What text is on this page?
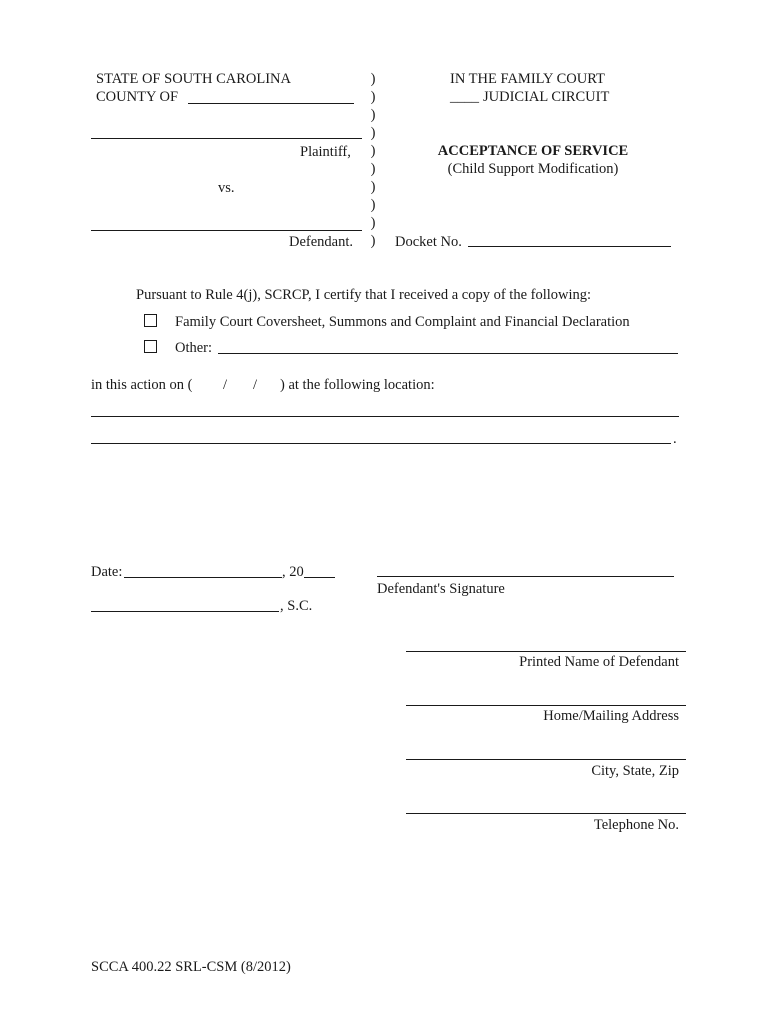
STATE OF SOUTH CAROLINA
COUNTY OF
Plaintiff,
vs.
Defendant.
)
)
)
)
)
)
)
)
)
)
IN THE FAMILY COURT
____ JUDICIAL CIRCUIT
ACCEPTANCE OF SERVICE
(Child Support Modification)
Docket No.
Pursuant to Rule 4(j), SCRCP, I certify that I received a copy of the following:
Family Court Coversheet, Summons and Complaint and Financial Declaration
Other:
in this action on ( / / ) at the following location:
.
Date:	, 20
, S.C.
Defendant's Signature
Printed Name of Defendant
Home/Mailing Address
City, State, Zip
Telephone No.
SCCA 400.22 SRL-CSM (8/2012)
